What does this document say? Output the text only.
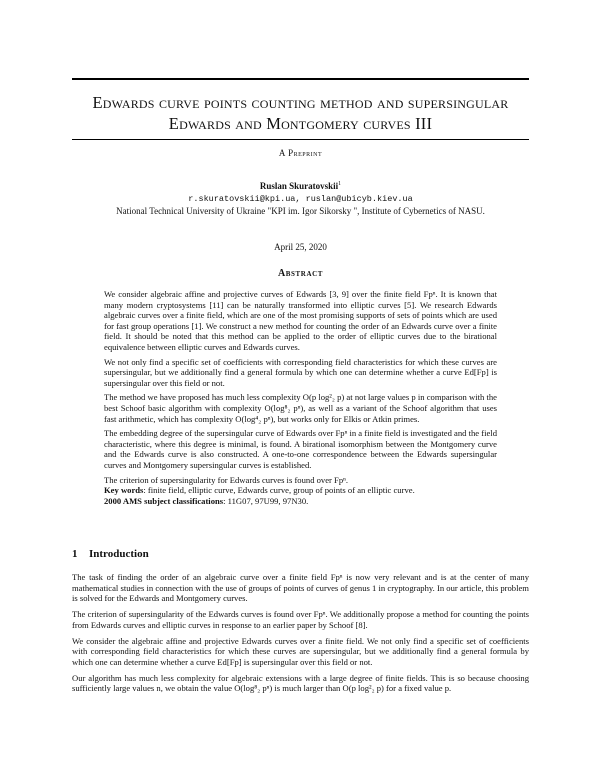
Edwards curve points counting method and supersingular Edwards and Montgomery curves III
A Preprint
Ruslan Skuratovskii$^1$
r.skuratovskii@kpi.ua, ruslan@ubicyb.kiev.ua
National Technical University of Ukraine "KPI im. Igor Sikorsky ", Institute of Cybernetics of NASU.
April 25, 2020
Abstract

We consider algebraic affine and projective curves of Edwards [3, 9] over the finite field Fpⁿ. It is known that many modern cryptosystems [11] can be naturally transformed into elliptic curves [5]. We research Edwards algebraic curves over a finite field, which are one of the most promising supports of sets of points which are used for fast group operations [1]. We construct a new method for counting the order of an Edwards curve over a finite field. It should be noted that this method can be applied to the order of elliptic curves due to the birational equivalence between elliptic curves and Edwards curves.

We not only find a specific set of coefficients with corresponding field characteristics for which these curves are supersingular, but we additionally find a general formula by which one can determine whether a curve Ed[Fp] is supersingular over this field or not.

The method we have proposed has much less complexity O(p log²₂ p) at not large values p in comparison with the best Schoof basic algorithm with complexity O(log⁸₂ pⁿ), as well as a variant of the Schoof algorithm that uses fast arithmetic, which has complexity O(log⁴₂ pⁿ), but works only for Elkis or Atkin primes.

The embedding degree of the supersingular curve of Edwards over Fpⁿ in a finite field is investigated and the field characteristic, where this degree is minimal, is found. A birational isomorphism between the Montgomery curve and the Edwards curve is also constructed. A one-to-one correspondence between the Edwards supersingular curves and Montgomery supersingular curves is established.

The criterion of supersingularity for Edwards curves is found over Fpⁿ.

Key words: finite field, elliptic curve, Edwards curve, group of points of an elliptic curve.
2000 AMS subject classifications: 11G07, 97U99, 97N30.
1 Introduction

The task of finding the order of an algebraic curve over a finite field Fpⁿ is now very relevant and is at the center of many mathematical studies in connection with the use of groups of points of curves of genus 1 in cryptography. In our article, this problem is solved for the Edwards and Montgomery curves.

The criterion of supersingularity of the Edwards curves is found over Fpⁿ. We additionally propose a method for counting the points from Edwards curves and elliptic curves in response to an earlier paper by Schoof [8].

We consider the algebraic affine and projective Edwards curves over a finite field. We not only find a specific set of coefficients with corresponding field characteristics for which these curves are supersingular, but we additionally find a general formula by which one can determine whether a curve Ed[Fp] is supersingular over this field or not.

Our algorithm has much less complexity for algebraic extensions with a large degree of finite fields. This is so because choosing sufficiently large values n, we obtain the value O(log⁸₂ pⁿ) is much larger than O(p log²₂ p) for a fixed value p.
